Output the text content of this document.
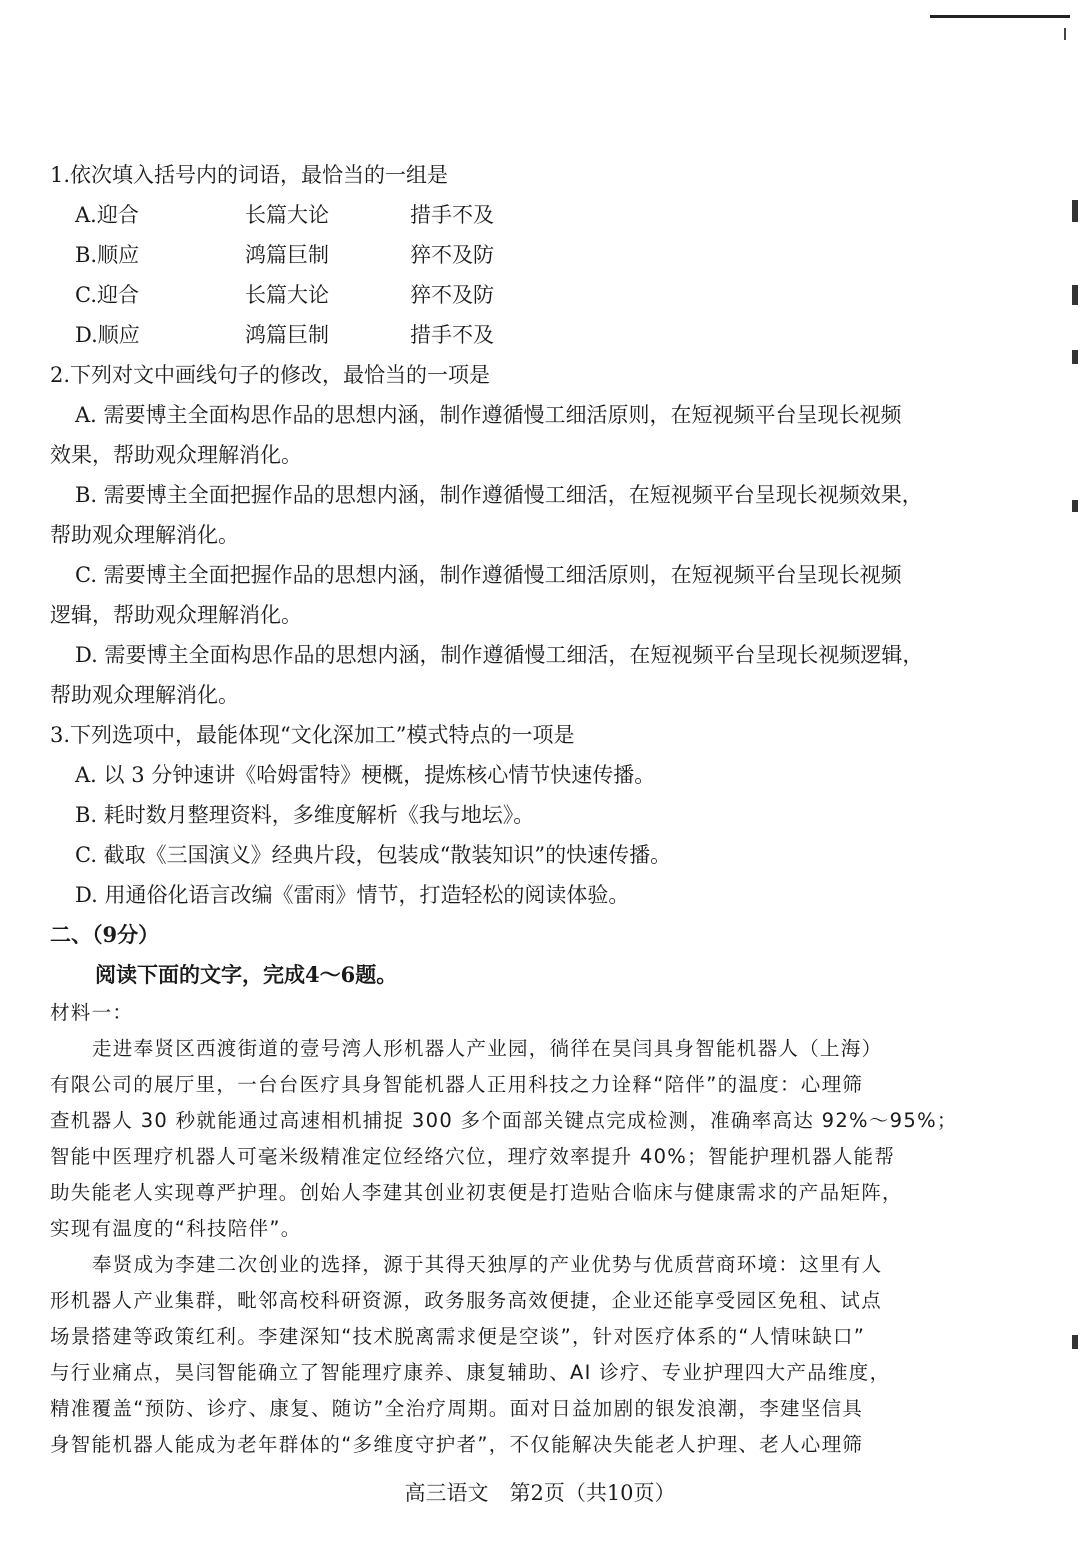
1.依次填入括号内的词语，最恰当的一组是
A.迎合	长篇大论	措手不及
B.顺应	鸿篇巨制	猝不及防
C.迎合	长篇大论	猝不及防
D.顺应	鸿篇巨制	措手不及
2.下列对文中画线句子的修改，最恰当的一项是
A. 需要博主全面构思作品的思想内涵，制作遵循慢工细活原则，在短视频平台呈现长视频
效果，帮助观众理解消化。
B. 需要博主全面把握作品的思想内涵，制作遵循慢工细活，在短视频平台呈现长视频效果，
帮助观众理解消化。
C. 需要博主全面把握作品的思想内涵，制作遵循慢工细活原则，在短视频平台呈现长视频
逻辑，帮助观众理解消化。
D. 需要博主全面构思作品的思想内涵，制作遵循慢工细活，在短视频平台呈现长视频逻辑，
帮助观众理解消化。
3.下列选项中，最能体现“文化深加工”模式特点的一项是
A. 以 3 分钟速讲《哈姆雷特》梗概，提炼核心情节快速传播。
B. 耗时数月整理资料，多维度解析《我与地坛》。
C. 截取《三国演义》经典片段，包装成“散装知识”的快速传播。
D. 用通俗化语言改编《雷雨》情节，打造轻松的阅读体验。
二、（9分）
阅读下面的文字，完成4～6题。
材料一：
走进奉贤区西渡街道的壹号湾人形机器人产业园，徜徉在昊闫具身智能机器人（上海）
有限公司的展厅里，一台台医疗具身智能机器人正用科技之力诠释“陪伴”的温度：心理筛
查机器人 30 秒就能通过高速相机捕捉 300 多个面部关键点完成检测，准确率高达 92%～95%；
智能中医理疗机器人可毫米级精准定位经络穴位，理疗效率提升 40%；智能护理机器人能帮
助失能老人实现尊严护理。创始人李建其创业初衷便是打造贴合临床与健康需求的产品矩阵，
实现有温度的“科技陪伴”。
奉贤成为李建二次创业的选择，源于其得天独厚的产业优势与优质营商环境：这里有人
形机器人产业集群，毗邻高校科研资源，政务服务高效便捷，企业还能享受园区免租、试点
场景搭建等政策红利。李建深知“技术脱离需求便是空谈”，针对医疗体系的“人情味缺口”
与行业痛点，昊闫智能确立了智能理疗康养、康复辅助、AI 诊疗、专业护理四大产品维度，
精准覆盖“预防、诊疗、康复、随访”全治疗周期。面对日益加剧的银发浪潮，李建坚信具
身智能机器人能成为老年群体的“多维度守护者”，不仅能解决失能老人护理、老人心理筛
高三语文　第2页（共10页）
